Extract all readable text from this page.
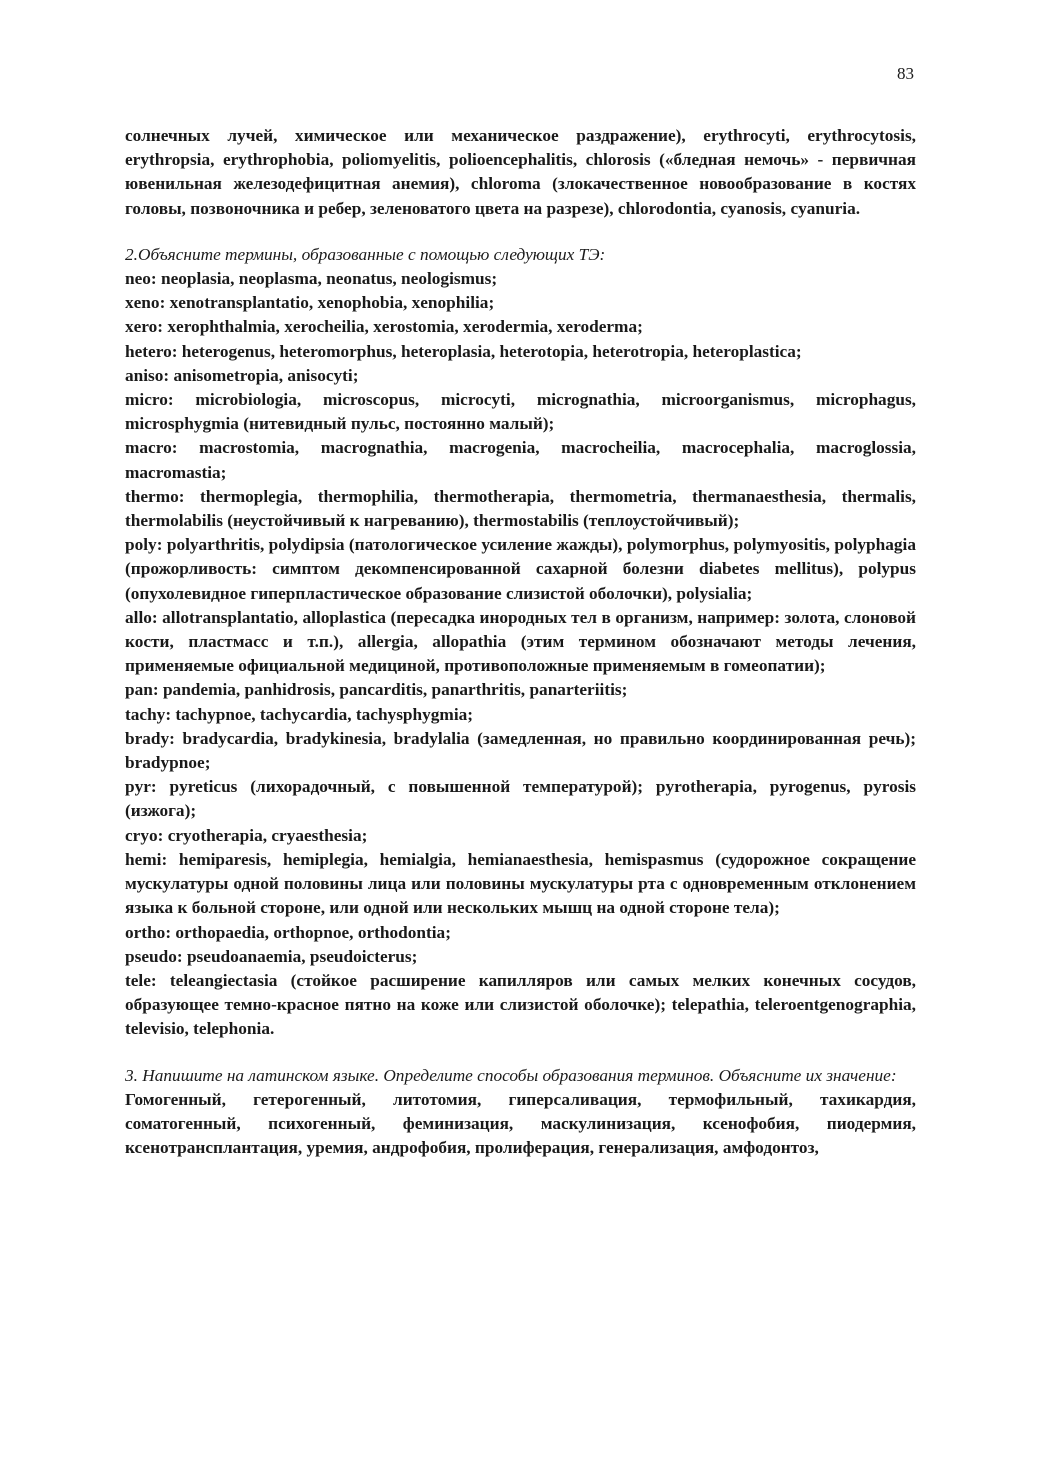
83

солнечных лучей, химическое или механическое раздражение), erythrocyti, erythrocytosis, erythropsia, erythrophobia, poliomyelitis, polioencephalitis, chlorosis («бледная немочь» - первичная ювенильная железодефицитная анемия), chloroma (злокачественное новообразование в костях головы, позвоночника и ребер, зеленоватого цвета на разрезе), chlorodontia, cyanosis, cyanuria.

2.Объясните термины, образованные с помощью следующих ТЭ:

neo: neoplasia, neoplasma, neonatus, neologismus;

xeno: xenotransplantatio, xenophobia, xenophilia;

xero: xerophthalmia, xerocheilia, xerostomia, xerodermia, xeroderma;

hetero: heterogenus, heteromorphus, heteroplasia, heterotopia, heterotropia, heteroplastica;

aniso: anisometropia, anisocyti;

micro: microbiologia, microscopus, microcyti, micrognathia, microorganismus, microphagus, microsphygmia (нитевидный пульс, постоянно малый);

macro: macrostomia, macrognathia, macrogenia, macrocheilia, macrocephalia, macroglossia, macromastia;

thermo: thermoplegia, thermophilia, thermotherapia, thermometria, thermanaesthesia, thermalis, thermolabilis (неустойчивый к нагреванию), thermostabilis (теплоустойчивый);

poly: polyarthritis, polydipsia (патологическое усиление жажды), polymorphus, polymyositis, polyphagia (прожорливость: симптом декомпенсированной сахарной болезни diabetes mellitus), polypus (опухолевидное гиперпластическое образование слизистой оболочки), polysialia;

allo: allotransplantatio, alloplastica (пересадка инородных тел в организм, например: золота, слоновой кости, пластмасс и т.п.), allergia, allopathia (этим термином обозначают методы лечения, применяемые официальной медициной, противоположные применяемым в гомеопатии);

pan: pandemia, panhidrosis, pancarditis, panarthritis, panarteriitis;

tachy: tachypnoe, tachycardia, tachysphygmia;

brady: bradycardia, bradykinesia, bradylalia (замедленная, но правильно координированная речь); bradypnoe;

pyr: pyreticus (лихорадочный, с повышенной температурой); pyrotherapia, pyrogenus, pyrosis (изжога);

cryo: cryotherapia, cryaesthesia;

hemi: hemiparesis, hemiplegia, hemialgia, hemianaesthesia, hemispasmus (судорожное сокращение мускулатуры одной половины лица или половины мускулатуры рта с одновременным отклонением языка к больной стороне, или одной или нескольких мышц на одной стороне тела);

ortho: orthopaedia, orthopnoe, orthodontia;

pseudo: pseudoanaemia, pseudoicterus;

tele: teleangiectasia (стойкое расширение капилляров или самых мелких конечных сосудов, образующее темно-красное пятно на коже или слизистой оболочке); telepathia, teleroentgenographia, televisio, telephonia.

3. Напишите на латинском языке. Определите способы образования терминов. Объясните их значение:

Гомогенный, гетерогенный, литотомия, гиперсаливация, термофильный, тахикардия, соматогенный, психогенный, феминизация, маскулинизация, ксенофобия, пиодермия, ксенотрансплантация, уремия, андрофобия, пролиферация, генерализация, амфодонтоз,
